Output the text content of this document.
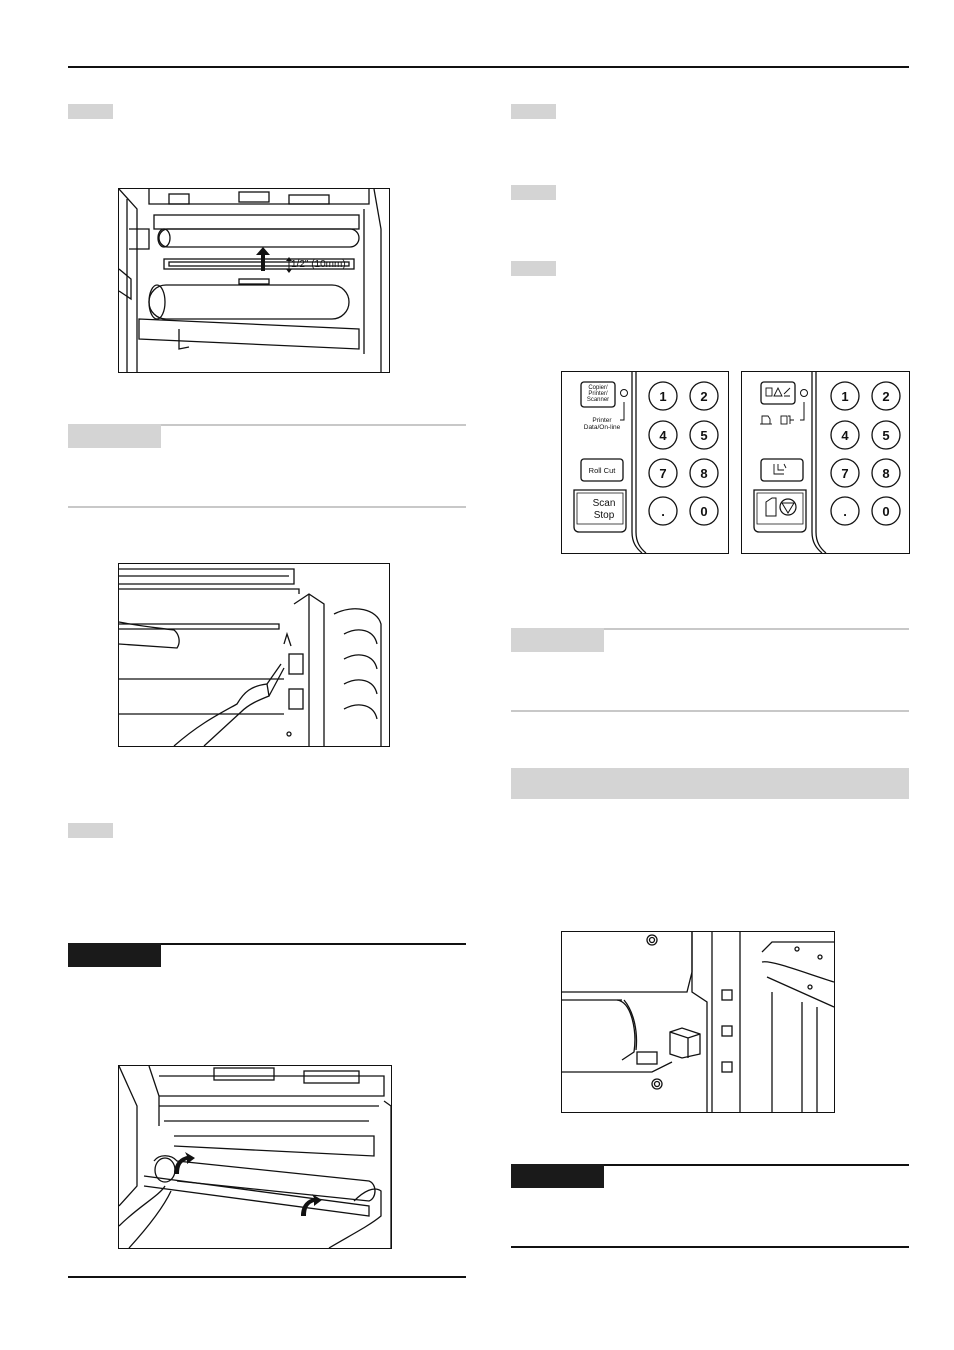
1/2" (10mm)
Copier/
Printer/
Scanner
Printer
Data/On-line
Roll Cut
Scan
Stop
1	2
4	5
7	8
.	0
1	2
4	5
7	8
.	0
